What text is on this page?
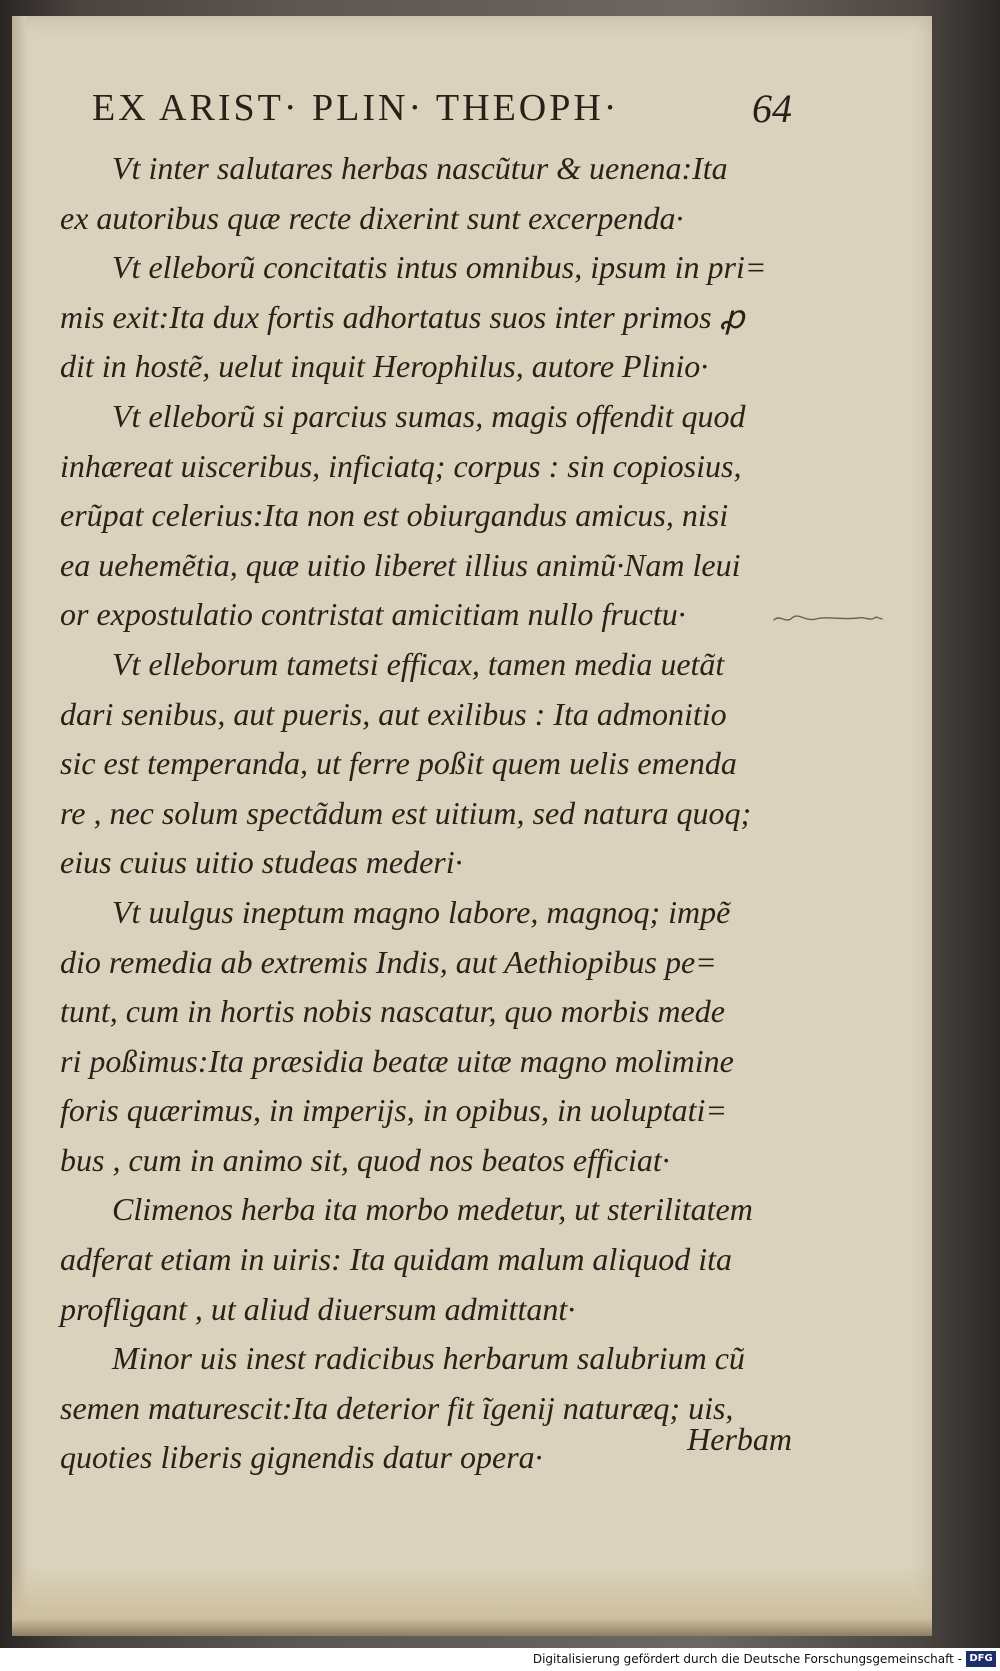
EX ARIST· PLIN· THEOPH·	64
Vt inter salutares herbas nascũtur & uenena:Ita
ex autoribus quæ recte dixerint sunt excerpenda·
Vt elleborũ concitatis intus omnibus, ipsum in pri=
mis exit:Ita dux fortis adhortatus suos inter primos ꝓ
dit in hostẽ, uelut inquit Herophilus, autore Plinio·
Vt elleborũ si parcius sumas, magis offendit quod
inhæreat uisceribus, inficiatq; corpus : sin copiosius,
erũpat celerius:Ita non est obiurgandus amicus, nisi
ea uehemẽtia, quæ uitio liberet illius animũ·Nam leui
or expostulatio contristat amicitiam nullo fructu·
Vt elleborum tametsi efficax, tamen media uetãt
dari senibus, aut pueris, aut exilibus : Ita admonitio
sic est temperanda, ut ferre poßit quem uelis emenda
re , nec solum spectãdum est uitium, sed natura quoq;
eius cuius uitio studeas mederi·
Vt uulgus ineptum magno labore, magnoq; impẽ
dio remedia ab extremis Indis, aut Aethiopibus pe=
tunt, cum in hortis nobis nascatur, quo morbis mede
ri poßimus:Ita præsidia beatæ uitæ magno molimine
foris quærimus, in imperijs, in opibus, in uoluptati=
bus , cum in animo sit, quod nos beatos efficiat·
Climenos herba ita morbo medetur, ut sterilitatem
adferat etiam in uiris: Ita quidam malum aliquod ita
profligant , ut aliud diuersum admittant·
Minor uis inest radicibus herbarum salubrium cũ
semen maturescit:Ita deterior fit ĩgenij naturæq; uis,
quoties liberis gignendis datur opera·
Herbam
Digitalisierung gefördert durch die Deutsche Forschungsgemeinschaft - DFG
